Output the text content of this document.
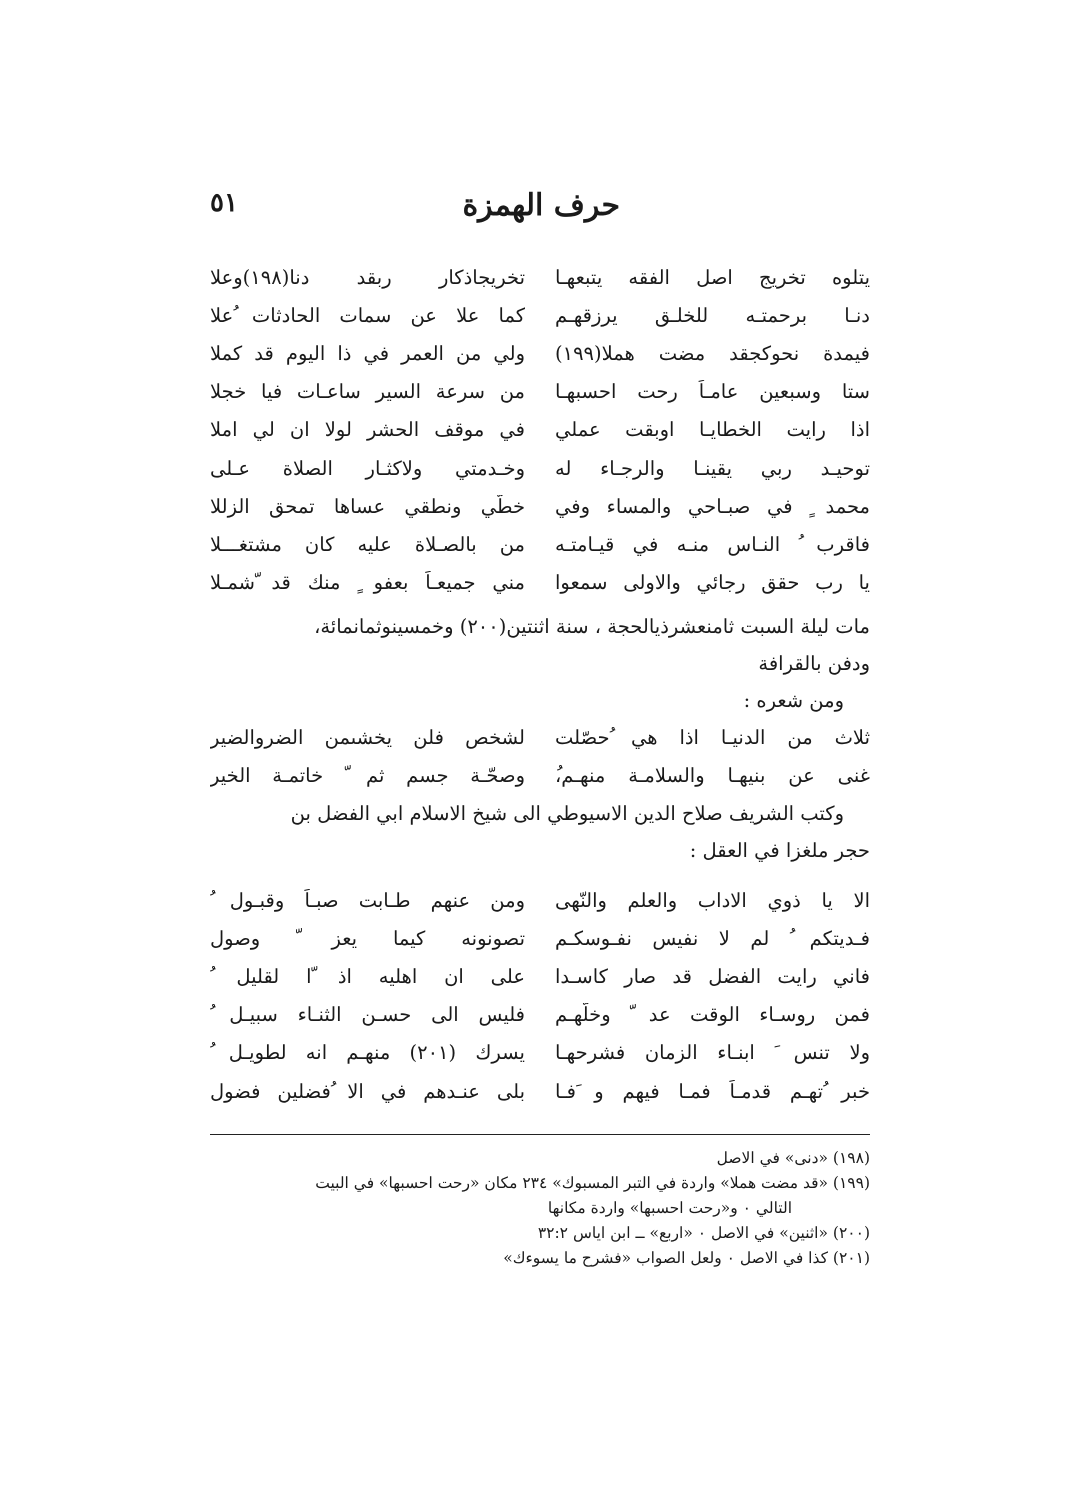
حرف الهمزة
٥١
يتلوه تخريج اصل الفقه يتبعهـا
تخريجاذكار ربقد دنا(١٩٨)وعلا
دنـا برحمتـه للخلـق يرزقهـم
كما علا عن سمات الحادثات ُعلا
فيمدة نحوكجقد مضت هملا(١٩٩)
ولي من العمر في ذا اليوم قد كملا
ستا وسبعين عامـاً رحت احسبهـا
من سرعة السير ساعـات فيا خجلا
اذا رايت الخطايـا اوبقت عملي
في موقف الحشر لولا ان لي املا
توحيـد ربي يقينـا والرجـاء له
وخـدمتي ولاكثـار الصلاة عـلى
محمد ٍ في صبـاحي والمساء وفي
خطّي ونطقي عساها تمحق الزللا
فاقرب ُ النـاس منـه في قيـامتـه
من بالصـلاة عليه كان مشتغـــلا
يا رب حقق رجائي والاولى سمعوا
مني جميعـاً بعفو ٍ منك قد ّشمـلا
مات ليلة السبت ثامنعشرذيالحجة ، سنة اثنتين(٢٠٠) وخمسينوثمانمائة،
ودفن بالقرافة
ومن شعره :
ثلاث من الدنيـا اذا هي ُحصّلت
لشخص فلن يخشىمن الضروالضير
غنى عن بنيهـا والسلامـة منهـم،ُ
وصحّـة جسم ثم ّ خاتمـة الخير
وكتب الشريف صلاح الدين الاسيوطي الى شيخ الاسلام ابي الفضل بن
حجر ملغزا في العقل :
الا يا ذوي الاداب والعلم والنّهى
ومن عنهم طـابت صبـاً وقبـول ُ
فـديتكم ُ لم لا نفيس نفـوسكـم
تصونونه كيما يعز ّ وصول
فاني رايت الفضل قد صار كاسـدا
على ان اهليه اذ ّا لقليل ُ
فمن روسـاء الوقت عد ّ وخلّهـم
فليس الى حسـن الثنـاء سبيـل ُ
ولا تنس َ ابنـاء الزمان فشرحهـا
يسرك (٢٠١) منهـم انه لطويـل ُ
خبر ُتهـم قدمـاً فمـا فيهم و َفـا
بلى عنـدهم في الا ُفضلين فضول
(١٩٨) «دنى» في الاصل
(١٩٩) «قد مضت هملا» واردة في التبر المسبوك» ٢٣٤ مكان «رحت احسبها» في البيت
التالي ٠ و«رحت احسبها» واردة مكانها
(٢٠٠) «اثنين» في الاصل ٠ «اربع» ــ ابن اياس ٣٢:٢
(٢٠١) كذا في الاصل ٠ ولعل الصواب «فشرح ما يسوءك»
